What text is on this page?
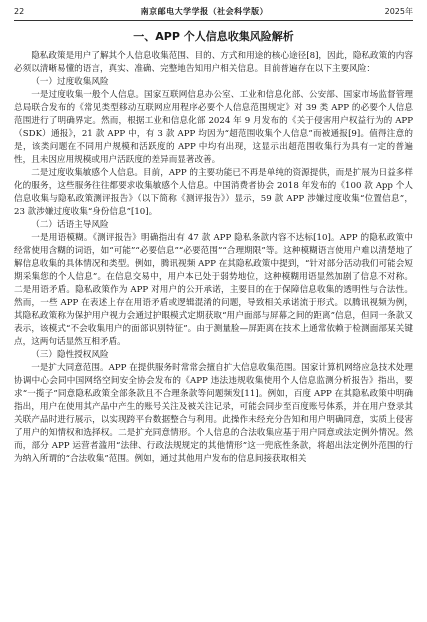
22	南京邮电大学学报（社会科学版）	2025年
一、APP 个人信息收集风险解析

隐私政策是用户了解其个人信息收集范围、目的、方式和用途的核心途径[8]，因此，隐私政策的内容必须以清晰易懂的语言，真实、准确、完整地告知用户相关信息。目前普遍存在以下主要风险：

（一）过度收集风险

一是过度收集一般个人信息。国家互联网信息办公室、工业和信息化部、公安部、国家市场监督管理总局联合发布的《常见类型移动互联网应用程序必要个人信息范围规定》对 39 类 APP 的必要个人信息范围进行了明确界定。然而，根据工业和信息化部 2024 年 9 月发布的《关于侵害用户权益行为的 APP（SDK）通报》，21 款 APP 中，有 3 款 APP 均因为“超范围收集个人信息”而被通报[9]。值得注意的是，该类问题在不同用户规模和活跃度的 APP 中均有出现，这显示出超范围收集行为具有一定的普遍性，且未因应用规模或用户活跃度的差异而显著改善。

二是过度收集敏感个人信息。目前，APP 的主要功能已不再是单纯的资源提供，而是扩展为日益多样化的服务，这些服务往往都要求收集敏感个人信息。中国消费者协会 2018 年发布的《100 款 App 个人信息收集与隐私政策测评报告》（以下简称《测评报告》）显示，59 款 APP 涉嫌过度收集“位置信息”，23 款涉嫌过度收集“身份信息”[10]。

（二）话语主导风险

一是用语模糊。《测评报告》明确指出有 47 款 APP 隐私条款内容不达标[10]。APP 的隐私政策中经常使用含糊的词语，如“可能”“必要信息”“必要范围”“合理期限”等。这种模糊语言使用户难以清楚地了解信息收集的具体情况和类型。例如，腾讯视频 APP 在其隐私政策中提到，“针对部分活动我们可能会短期采集您的个人信息”。在信息交易中，用户本已处于弱势地位，这种模糊用语显然加剧了信息不对称。二是用语矛盾。隐私政策作为 APP 对用户的公开承诺，主要目的在于保障信息收集的透明性与合法性。然而，一些 APP 在表述上存在用语矛盾或逻辑混淆的问题，导致相关承诺流于形式。以腾讯视频为例，其隐私政策称为保护用户视力会通过护眼模式定期获取“用户面部与屏幕之间的距离”信息，但同一条款又表示，该模式“不会收集用户的面部识别特征”。由于测量脸—屏距离在技术上通常依赖于检测面部某关键点，这两句话显然互相矛盾。

（三）隐性授权风险

一是扩大同意范围。APP 在提供服务时常常会擅自扩大信息收集范围。国家计算机网络应急技术处理协调中心会同中国网络空间安全协会发布的《APP 违法违规收集使用个人信息监测分析报告》指出，要求“一揽子”同意隐私政策全部条款且不合理条款等问题频发[11]。例如，百度 APP 在其隐私政策中明确指出，用户在使用其产品中产生的账号关注及被关注记录，可能会同步至百度账号体系，并在用户登录其关联产品时进行展示，以实现跨平台数据整合与利用。此操作未经充分告知和用户明确同意，实质上侵害了用户的知情权和选择权。二是扩充同意情形。个人信息的合法收集应基于用户同意或法定例外情况。然而，部分 APP 运营者滥用“法律、行政法规规定的其他情形”这一兜底性条款，将超出法定例外范围的行为纳入所谓的“合法收集”范围。例如，通过其他用户发布的信息间接获取相关
